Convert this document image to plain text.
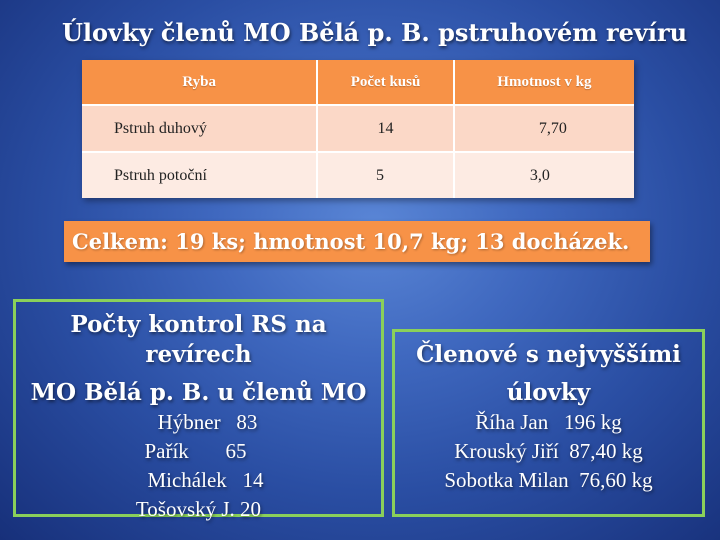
Úlovky členů MO Bělá p. B. pstruhovém revíru
Ryba	Počet kusů	Hmotnost v kg
Pstruh duhový	14	7,70
Pstruh potoční	5	3,0
Celkem: 19 ks; hmotnost 10,7 kg; 13 docházek.
Počty kontrol RS na revírech
MO Bělá p. B. u členů MO
Hýbner   83
Pařík       65
Michálek   14
Tošovský J. 20
Členové s nejvyššími
úlovky
Říha Jan   196 kg
Krouský Jiří  87,40 kg
Sobotka Milan  76,60 kg
